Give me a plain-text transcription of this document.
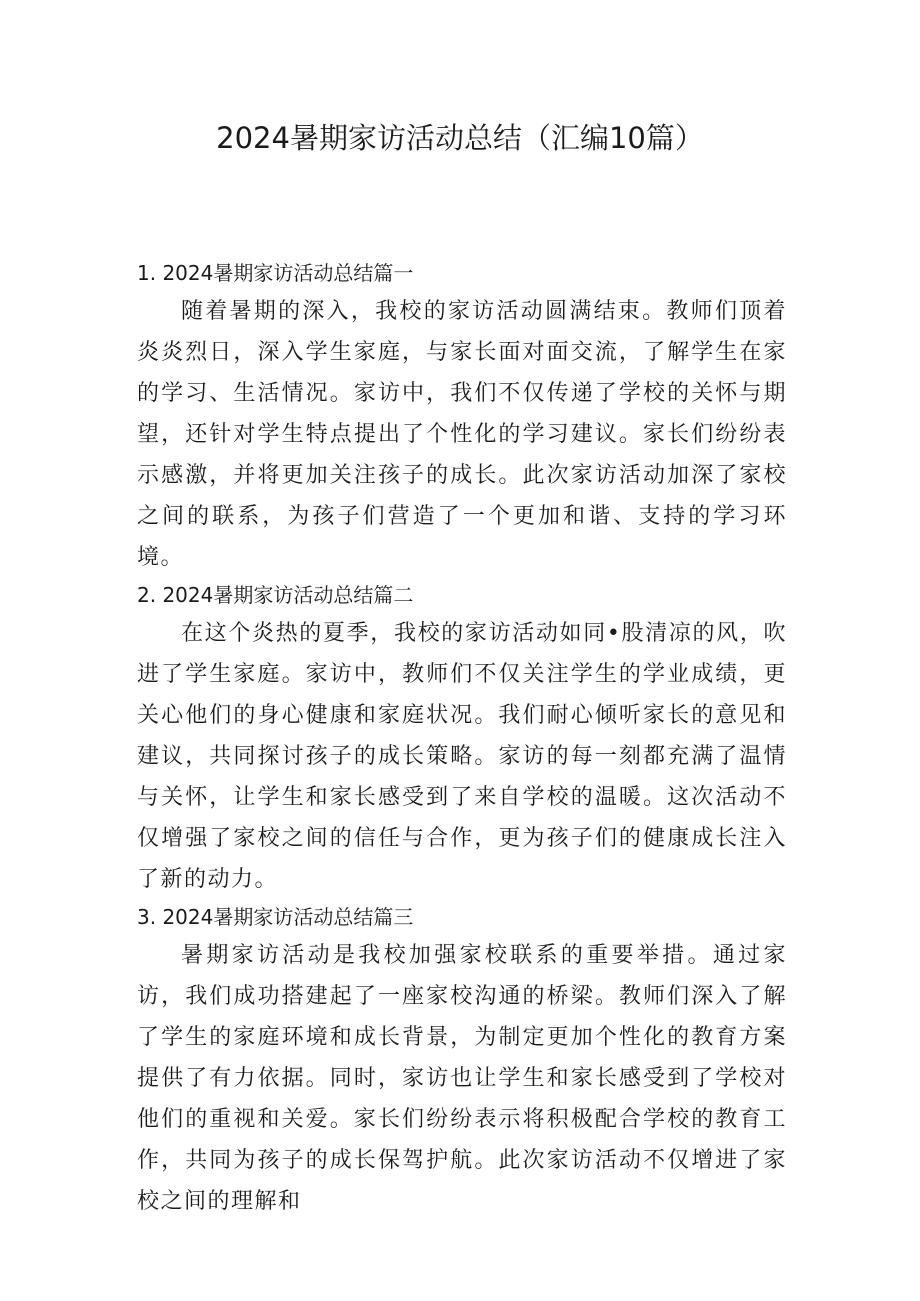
2024暑期家访活动总结（汇编10篇）

1. 2024暑期家访活动总结篇一

随着暑期的深入，我校的家访活动圆满结束。教师们顶着炎炎烈日，深入学生家庭，与家长面对面交流，了解学生在家的学习、生活情况。家访中，我们不仅传递了学校的关怀与期望，还针对学生特点提出了个性化的学习建议。家长们纷纷表示感激，并将更加关注孩子的成长。此次家访活动加深了家校之间的联系，为孩子们营造了一个更加和谐、支持的学习环境。

2. 2024暑期家访活动总结篇二

在这个炎热的夏季，我校的家访活动如同•股清凉的风，吹进了学生家庭。家访中，教师们不仅关注学生的学业成绩，更关心他们的身心健康和家庭状况。我们耐心倾听家长的意见和建议，共同探讨孩子的成长策略。家访的每一刻都充满了温情与关怀，让学生和家长感受到了来自学校的温暖。这次活动不仅增强了家校之间的信任与合作，更为孩子们的健康成长注入了新的动力。

3. 2024暑期家访活动总结篇三

暑期家访活动是我校加强家校联系的重要举措。通过家访，我们成功搭建起了一座家校沟通的桥梁。教师们深入了解了学生的家庭环境和成长背景，为制定更加个性化的教育方案提供了有力依据。同时，家访也让学生和家长感受到了学校对他们的重视和关爱。家长们纷纷表示将积极配合学校的教育工作，共同为孩子的成长保驾护航。此次家访活动不仅增进了家校之间的理解和
